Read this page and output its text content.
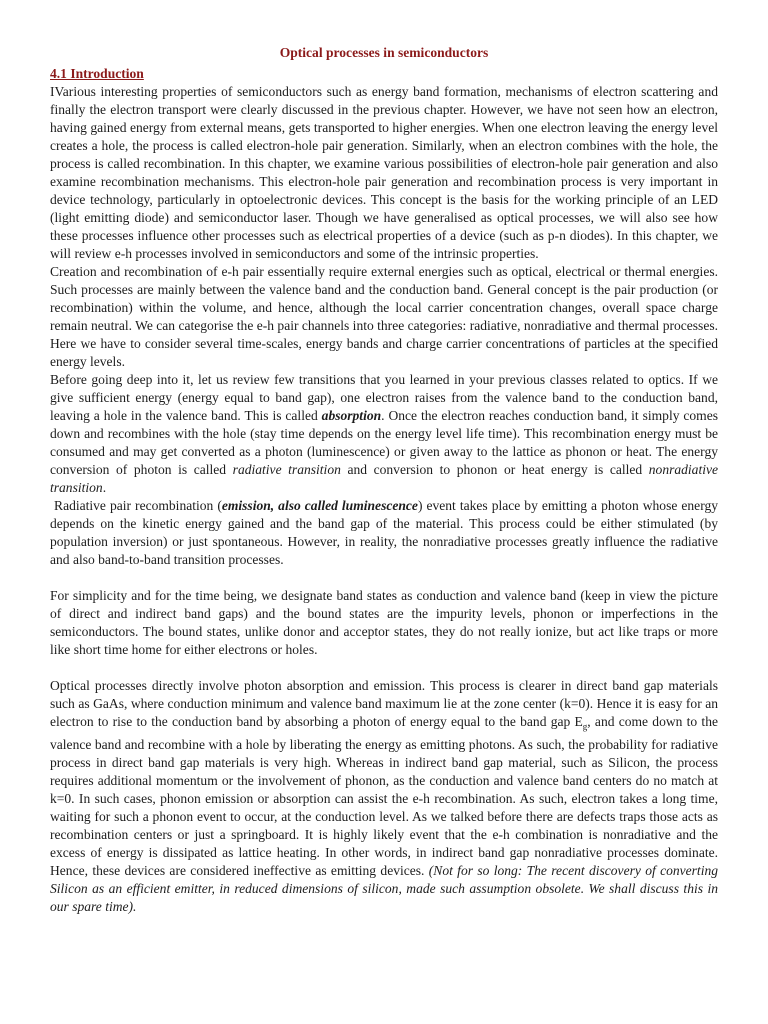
Optical processes in semiconductors
4.1 Introduction

IVarious interesting properties of semiconductors such as energy band formation, mechanisms of electron scattering and finally the electron transport were clearly discussed in the previous chapter. However, we have not seen how an electron, having gained energy from external means, gets transported to higher energies. When one electron leaving the energy level creates a hole, the process is called electron-hole pair generation. Similarly, when an electron combines with the hole, the process is called recombination. In this chapter, we examine various possibilities of electron-hole pair generation and also examine recombination mechanisms. This electron-hole pair generation and recombination process is very important in device technology, particularly in optoelectronic devices. This concept is the basis for the working principle of an LED (light emitting diode) and semiconductor laser. Though we have generalised as optical processes, we will also see how these processes influence other processes such as electrical properties of a device (such as p-n diodes). In this chapter, we will review e-h processes involved in semiconductors and some of the intrinsic properties.

Creation and recombination of e-h pair essentially require external energies such as optical, electrical or thermal energies. Such processes are mainly between the valence band and the conduction band. General concept is the pair production (or recombination) within the volume, and hence, although the local carrier concentration changes, overall space charge remain neutral. We can categorise the e-h pair channels into three categories: radiative, nonradiative and thermal processes. Here we have to consider several time-scales, energy bands and charge carrier concentrations of particles at the specified energy levels.

Before going deep into it, let us review few transitions that you learned in your previous classes related to optics. If we give sufficient energy (energy equal to band gap), one electron raises from the valence band to the conduction band, leaving a hole in the valence band. This is called absorption. Once the electron reaches conduction band, it simply comes down and recombines with the hole (stay time depends on the energy level life time). This recombination energy must be consumed and may get converted as a photon (luminescence) or given away to the lattice as phonon or heat. The energy conversion of photon is called radiative transition and conversion to phonon or heat energy is called nonradiative transition.

Radiative pair recombination (emission, also called luminescence) event takes place by emitting a photon whose energy depends on the kinetic energy gained and the band gap of the material. This process could be either stimulated (by population inversion) or just spontaneous. However, in reality, the nonradiative processes greatly influence the radiative and also band-to-band transition processes.

For simplicity and for the time being, we designate band states as conduction and valence band (keep in view the picture of direct and indirect band gaps) and the bound states are the impurity levels, phonon or imperfections in the semiconductors. The bound states, unlike donor and acceptor states, they do not really ionize, but act like traps or more like short time home for either electrons or holes.

Optical processes directly involve photon absorption and emission. This process is clearer in direct band gap materials such as GaAs, where conduction minimum and valence band maximum lie at the zone center (k=0). Hence it is easy for an electron to rise to the conduction band by absorbing a photon of energy equal to the band gap $E_g$, and come down to the valence band and recombine with a hole by liberating the energy as emitting photons. As such, the probability for radiative process in direct band gap materials is very high. Whereas in indirect band gap material, such as Silicon, the process requires additional momentum or the involvement of phonon, as the conduction and valence band centers do no match at k=0. In such cases, phonon emission or absorption can assist the e-h recombination. As such, electron takes a long time, waiting for such a phonon event to occur, at the conduction level. As we talked before there are defects traps those acts as recombination centers or just a springboard. It is highly likely event that the e-h combination is nonradiative and the excess of energy is dissipated as lattice heating. In other words, in indirect band gap nonradiative processes dominate. Hence, these devices are considered ineffective as emitting devices. (Not for so long: The recent discovery of converting Silicon as an efficient emitter, in reduced dimensions of silicon, made such assumption obsolete. We shall discuss this in our spare time).
